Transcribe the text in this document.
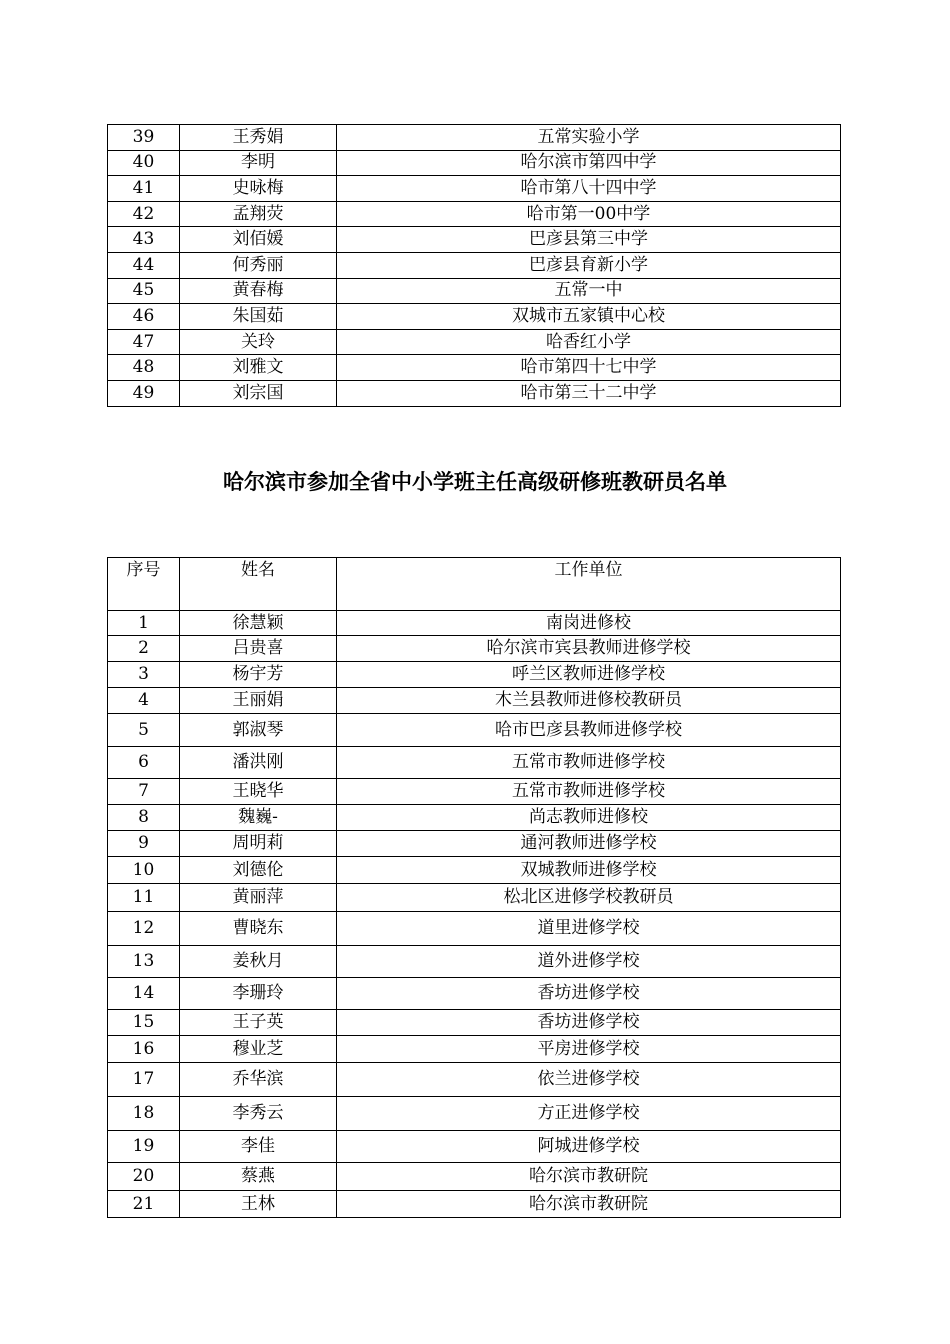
39	王秀娟	五常实验小学
40	李明	哈尔滨市第四中学
41	史咏梅	哈市第八十四中学
42	孟翔荧	哈市第一00中学
43	刘佰媛	巴彦县第三中学
44	何秀丽	巴彦县育新小学
45	黄春梅	五常一中
46	朱国茹	双城市五家镇中心校
47	关玲	哈香红小学
48	刘雅文	哈市第四十七中学
49	刘宗国	哈市第三十二中学
哈尔滨市参加全省中小学班主任高级研修班教研员名单
序号	姓名	工作单位
1	徐慧颖	南岗进修校
2	吕贵喜	哈尔滨市宾县教师进修学校
3	杨宇芳	呼兰区教师进修学校
4	王丽娟	木兰县教师进修校教研员
5	郭淑琴	哈市巴彦县教师进修学校
6	潘洪刚	五常市教师进修学校
7	王晓华	五常市教师进修学校
8	魏巍-	尚志教师进修校
9	周明莉	通河教师进修学校
10	刘德伦	双城教师进修学校
11	黄丽萍	松北区进修学校教研员
12	曹晓东	道里进修学校
13	姜秋月	道外进修学校
14	李珊玲	香坊进修学校
15	王子英	香坊进修学校
16	穆业芝	平房进修学校
17	乔华滨	依兰进修学校
18	李秀云	方正进修学校
19	李佳	阿城进修学校
20	蔡燕	哈尔滨市教研院
21	王林	哈尔滨市教研院
